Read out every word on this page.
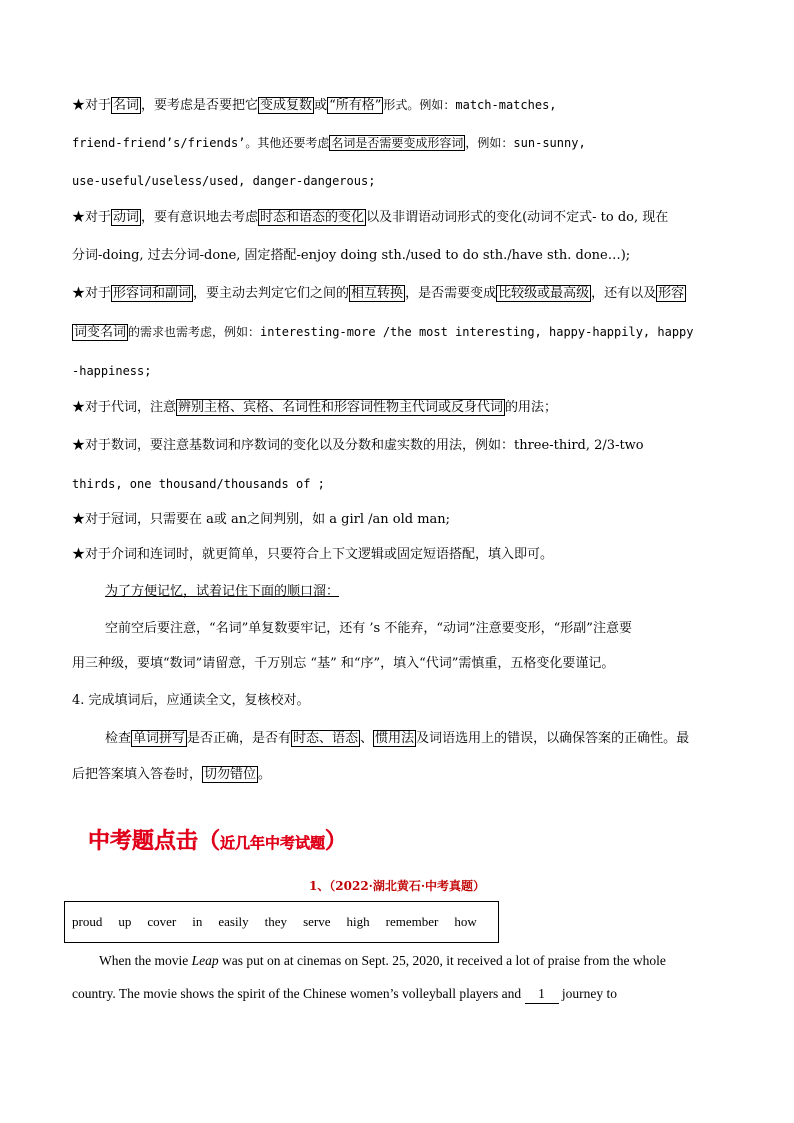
★对于 名词 ，要考虑是否要把它 变成复数 或 “所有格” 形式。例如：match-matches,
friend-friend’s/friends’。其他还要考虑 名词是否需要变成形容词 ，例如：sun-sunny,
use-useful/useless/used, danger-dangerous;
★对于 动词 ，要有意识地去考虑 时态和语态的变化 以及非谓语动词形式的变化(动词不定式- to do, 现在
分词-doing, 过去分词-done, 固定搭配-enjoy doing sth./used to do sth./have sth. done…);
★对于 形容词和副词 ，要主动去判定它们之间的 相互转换 ，是否需要变成 比较级或最高级 ，还有以及 形容
词变名词 的需求也需考虑，例如：interesting-more /the most interesting, happy-happily, happy
-happiness;
★对于代词，注意 辨别主格、宾格、名词性和形容词性物主代词或反身代词 的用法；
★对于数词，要注意基数词和序数词的变化以及分数和虚实数的用法，例如：three-third, 2/3-two
thirds, one thousand/thousands of ;
★对于冠词，只需要在 a或 an之间判别，如 a girl /an old man;
★对于介词和连词时，就更简单，只要符合上下文逻辑或固定短语搭配，填入即可。
为了方便记忆，试着记住下面的顺口溜：
空前空后要注意，“名词”单复数要牢记，还有 ’s 不能弃，“动词”注意要变形，“形副”注意要
用三种级，要填“数词”请留意，千万别忘 “基” 和“序”，填入“代词”需慎重，五格变化要谨记。
4. 完成填词后，应通读全文，复核校对。
检查 单词拼写 是否正确，是否有 时态、语态 、 惯用法 及词语选用上的错误，以确保答案的正确性。最
后把答案填入答卷时， 切勿错位 。
中考题点击（近几年中考试题）
1、（2022·湖北黄石·中考真题）
proud up cover in easily they serve high remember how
When the movie Leap was put on at cinemas on Sept. 25, 2020, it received a lot of praise from the whole
country. The movie shows the spirit of the Chinese women’s volleyball players and 1 journey to
